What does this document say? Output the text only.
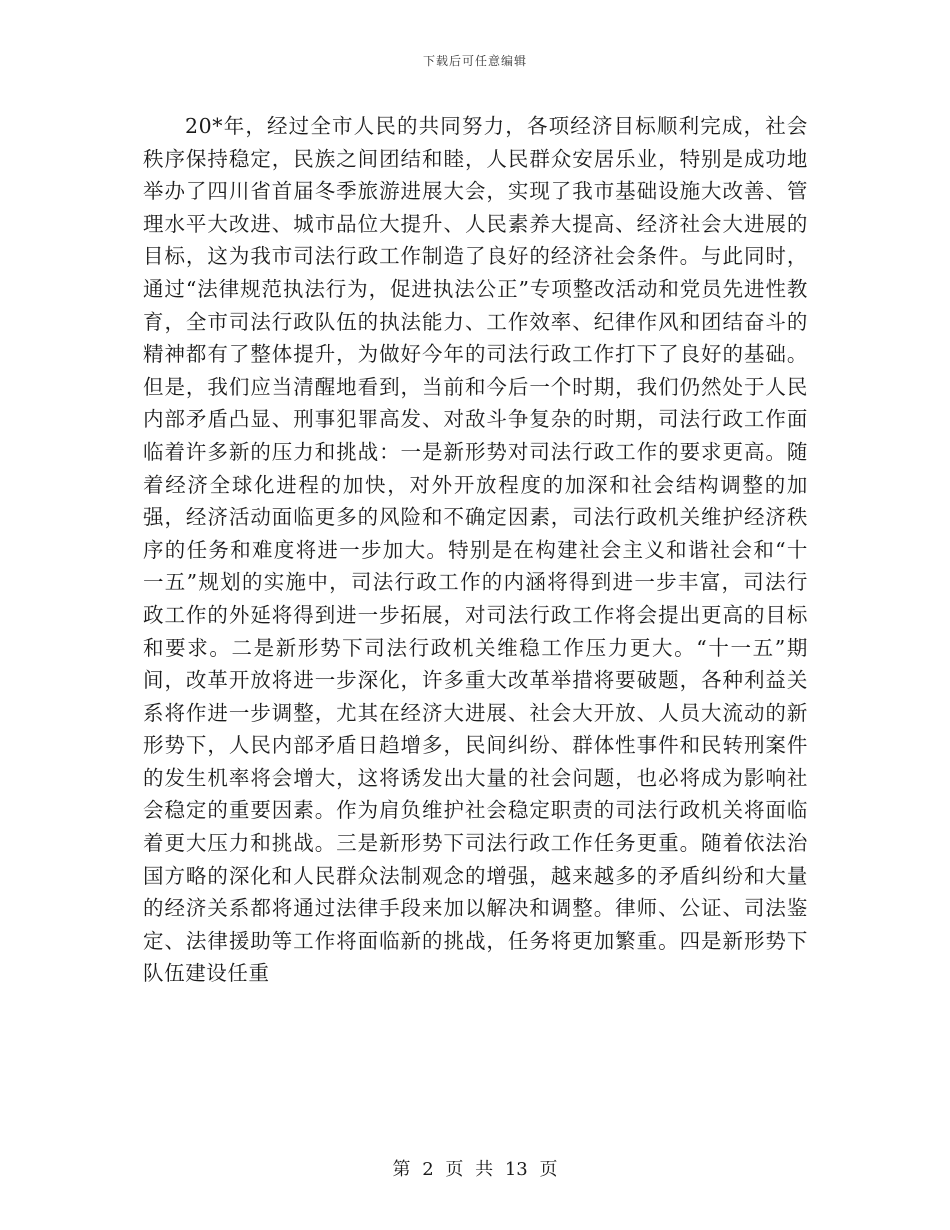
下载后可任意编辑

20*年，经过全市人民的共同努力，各项经济目标顺利完成，社会秩序保持稳定，民族之间团结和睦，人民群众安居乐业，特别是成功地举办了四川省首届冬季旅游进展大会，实现了我市基础设施大改善、管理水平大改进、城市品位大提升、人民素养大提高、经济社会大进展的目标，这为我市司法行政工作制造了良好的经济社会条件。与此同时，通过“法律规范执法行为，促进执法公正”专项整改活动和党员先进性教育，全市司法行政队伍的执法能力、工作效率、纪律作风和团结奋斗的精神都有了整体提升，为做好今年的司法行政工作打下了良好的基础。但是，我们应当清醒地看到，当前和今后一个时期，我们仍然处于人民内部矛盾凸显、刑事犯罪高发、对敌斗争复杂的时期，司法行政工作面临着许多新的压力和挑战：一是新形势对司法行政工作的要求更高。随着经济全球化进程的加快，对外开放程度的加深和社会结构调整的加强，经济活动面临更多的风险和不确定因素，司法行政机关维护经济秩序的任务和难度将进一步加大。特别是在构建社会主义和谐社会和“十一五”规划的实施中，司法行政工作的内涵将得到进一步丰富，司法行政工作的外延将得到进一步拓展，对司法行政工作将会提出更高的目标和要求。二是新形势下司法行政机关维稳工作压力更大。“十一五”期间，改革开放将进一步深化，许多重大改革举措将要破题，各种利益关系将作进一步调整，尤其在经济大进展、社会大开放、人员大流动的新形势下，人民内部矛盾日趋增多，民间纠纷、群体性事件和民转刑案件的发生机率将会增大，这将诱发出大量的社会问题，也必将成为影响社会稳定的重要因素。作为肩负维护社会稳定职责的司法行政机关将面临着更大压力和挑战。三是新形势下司法行政工作任务更重。随着依法治国方略的深化和人民群众法制观念的增强，越来越多的矛盾纠纷和大量的经济关系都将通过法律手段来加以解决和调整。律师、公证、司法鉴定、法律援助等工作将面临新的挑战，任务将更加繁重。四是新形势下队伍建设任重

第 2 页 共 13 页
